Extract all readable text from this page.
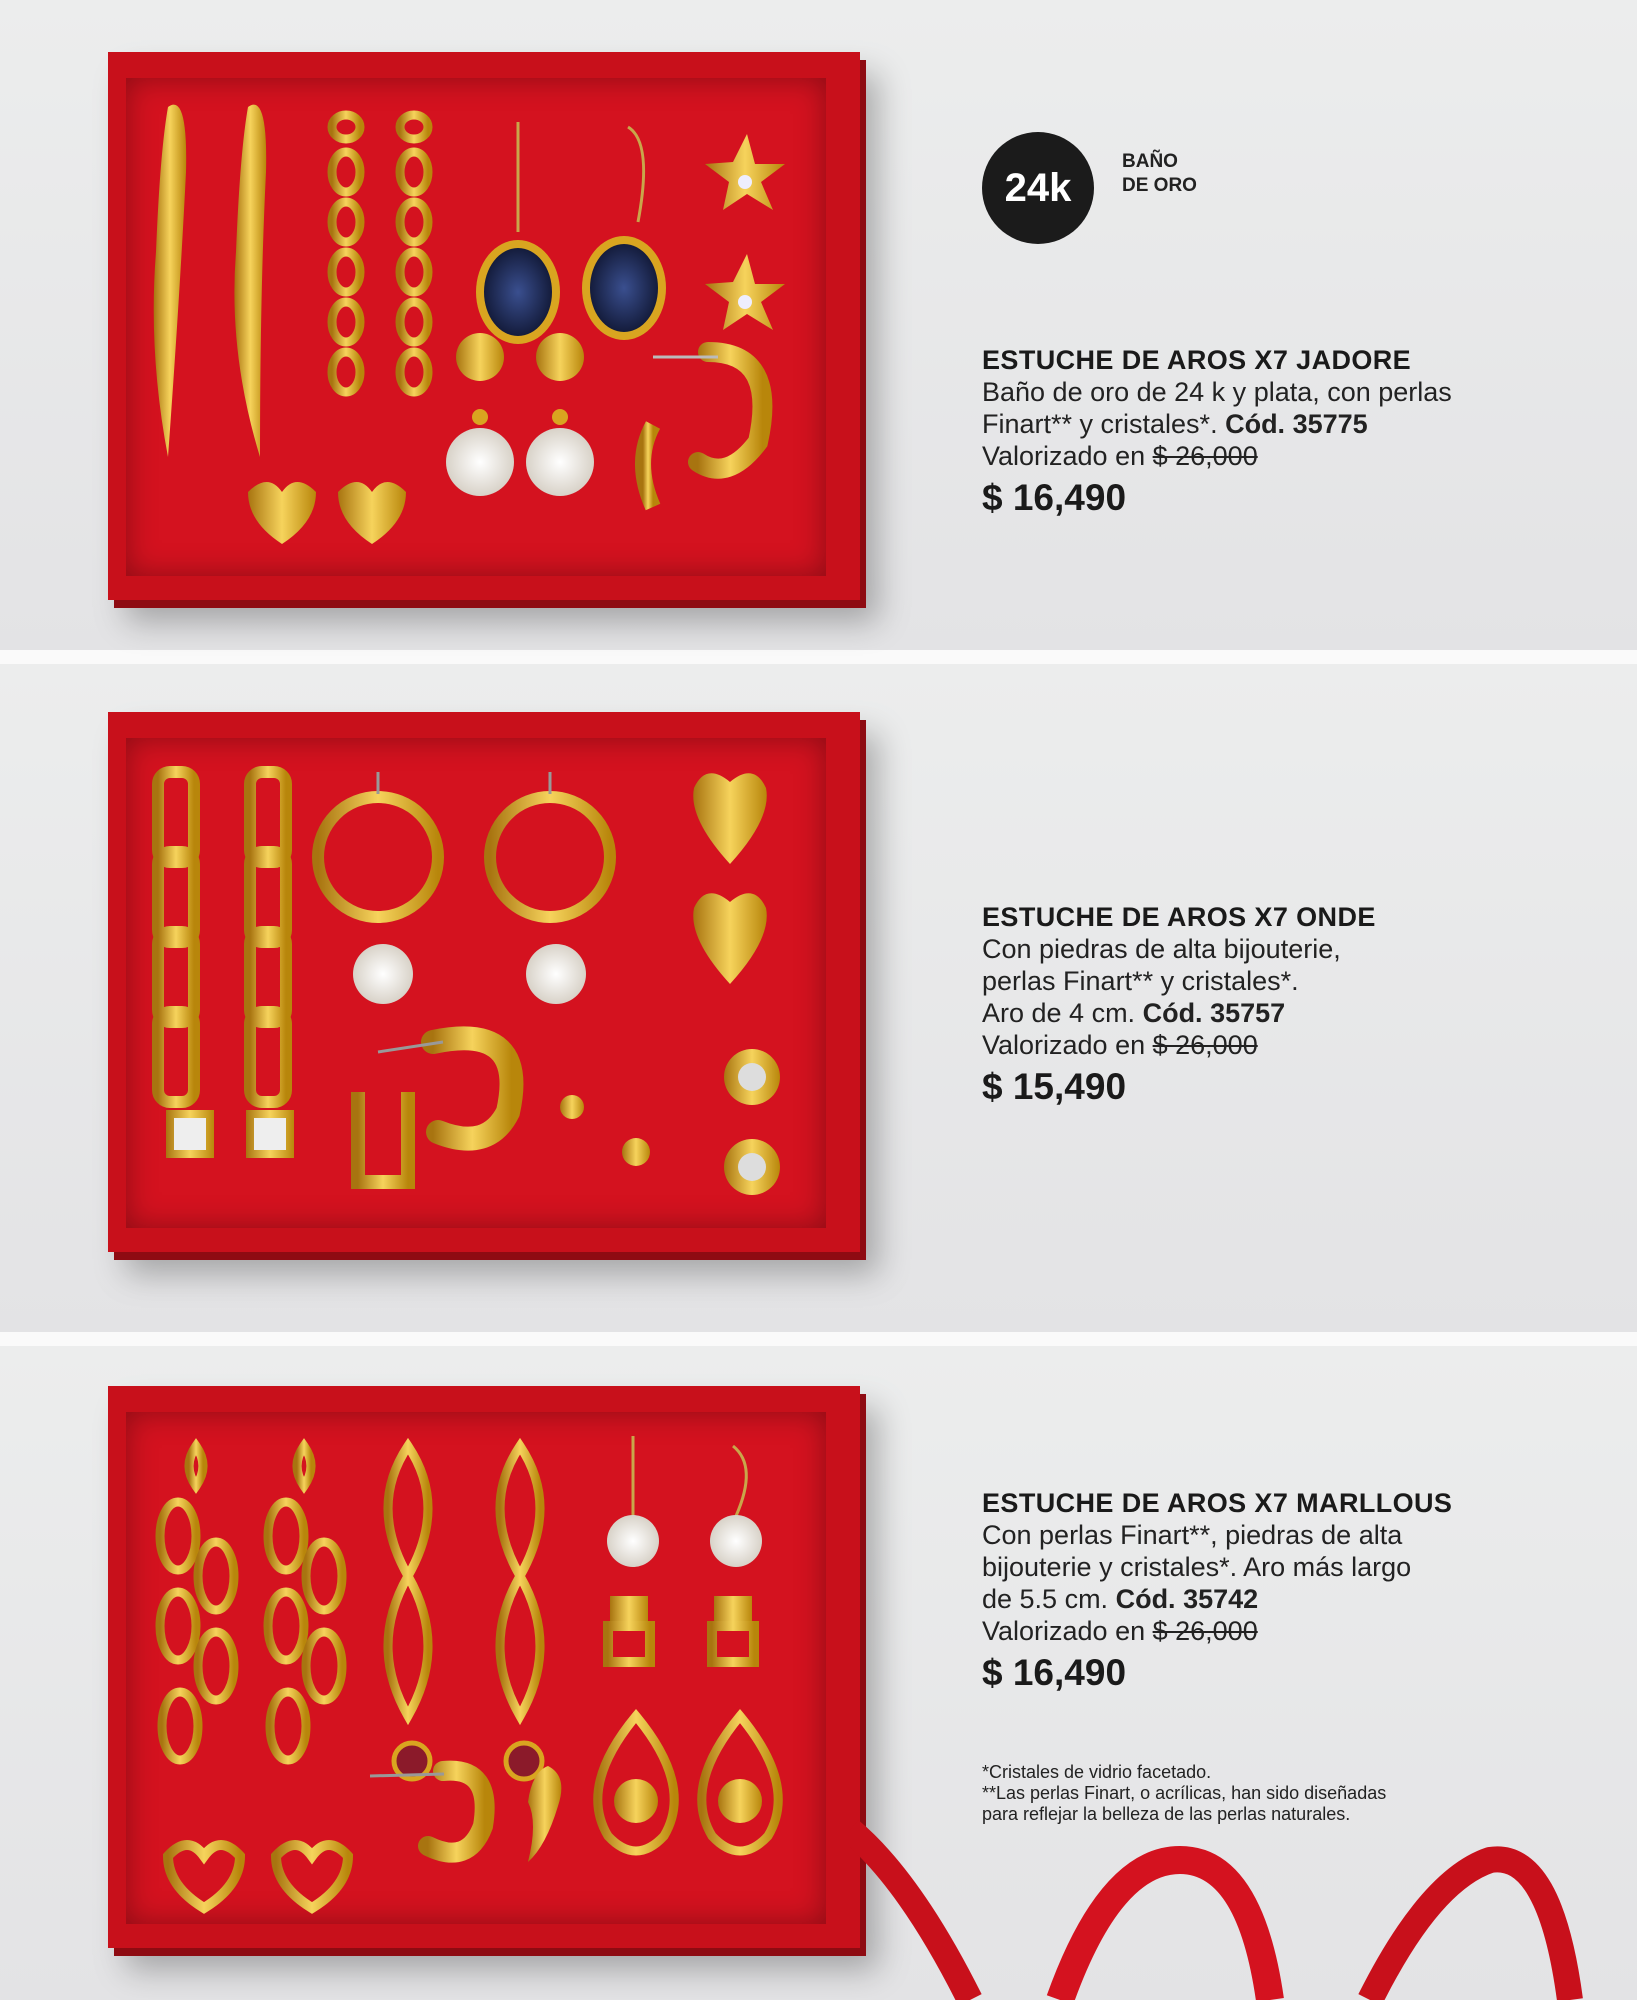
24k
BAÑO
DE ORO
ESTUCHE DE AROS X7 JADORE
Baño de oro de 24 k y plata, con perlas
Finart** y cristales*. Cód. 35775
Valorizado en $ 26,000
$ 16,490
ESTUCHE DE AROS X7 ONDE
Con piedras de alta bijouterie,
perlas Finart** y cristales*.
Aro de 4 cm. Cód. 35757
Valorizado en $ 26,000
$ 15,490
ESTUCHE DE AROS X7 MARLLOUS
Con perlas Finart**, piedras de alta
bijouterie y cristales*. Aro más largo
de 5.5 cm. Cód. 35742
Valorizado en $ 26,000
$ 16,490
*Cristales de vidrio facetado.
**Las perlas Finart, o acrílicas, han sido diseñadas
para reflejar la belleza de las perlas naturales.
